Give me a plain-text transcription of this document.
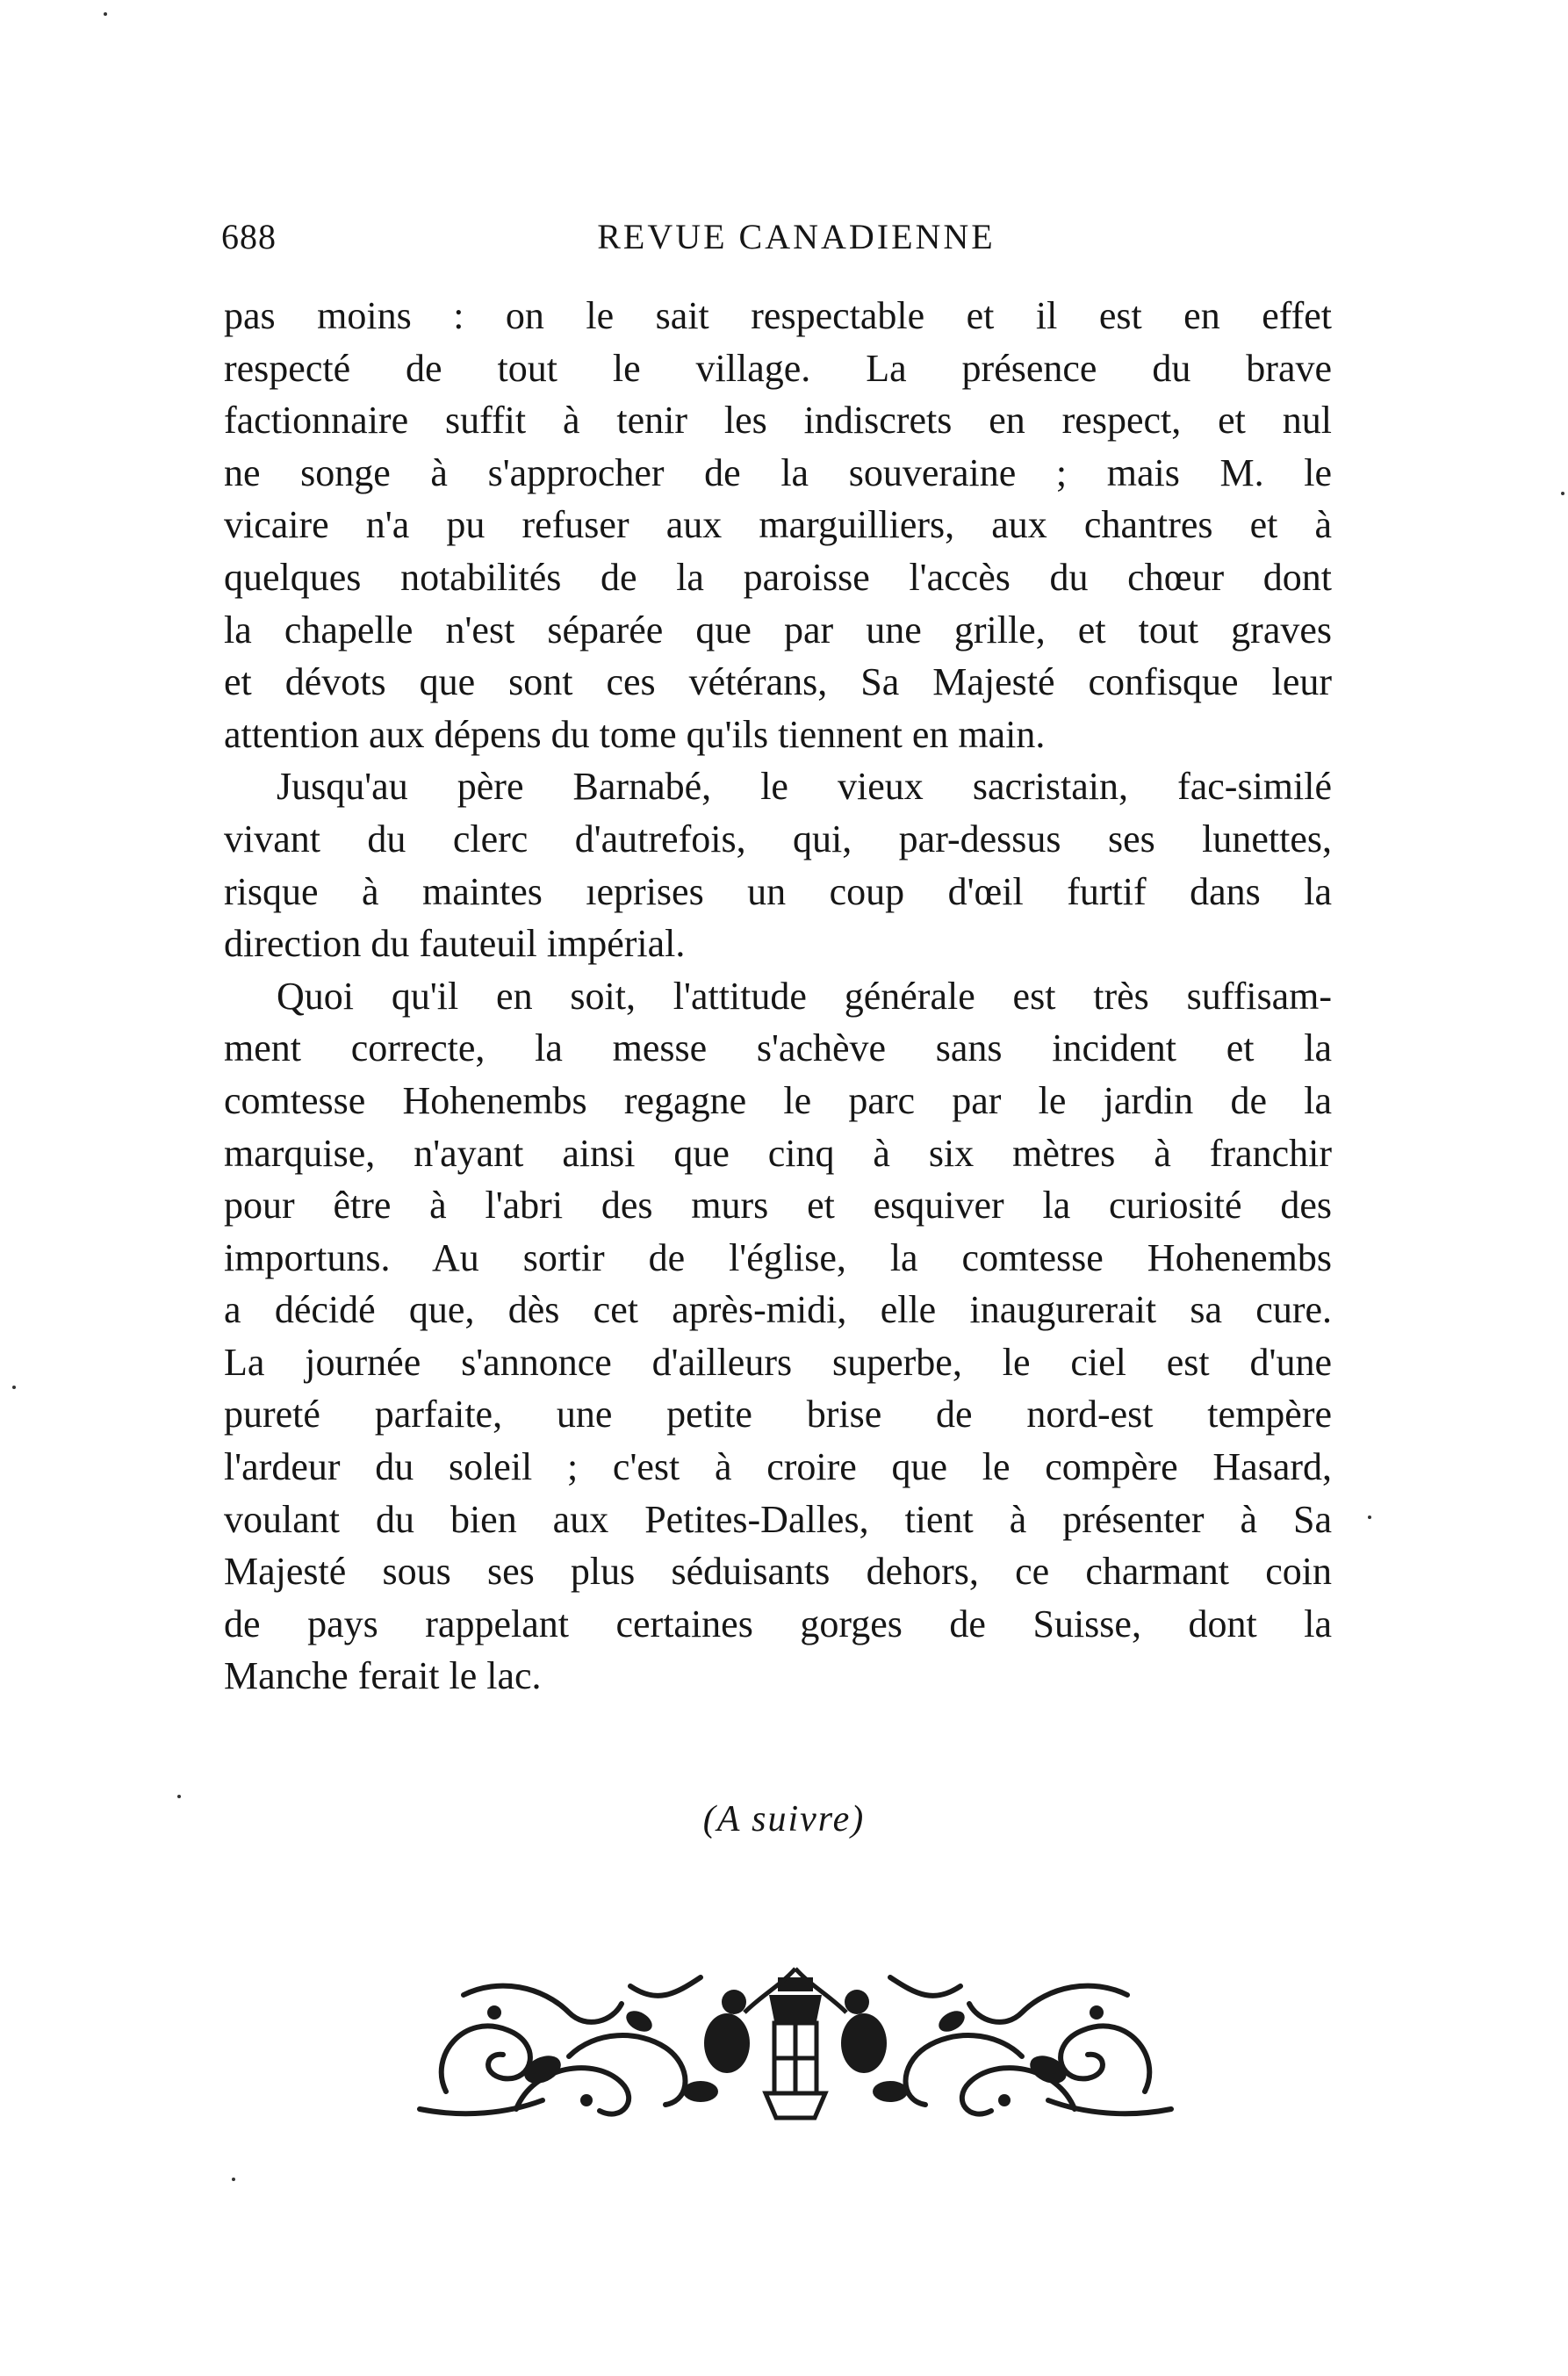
688	REVUE CANADIENNE

pas moins : on le sait respectable et il est en effet
respecté de tout le village. La présence du brave
factionnaire suffit à tenir les indiscrets en respect, et nul
ne songe à s'approcher de la souveraine ; mais M. le
vicaire n'a pu refuser aux marguilliers, aux chantres et à
quelques notabilités de la paroisse l'accès du chœur dont
la chapelle n'est séparée que par une grille, et tout graves
et dévots que sont ces vétérans, Sa Majesté confisque leur
attention aux dépens du tome qu'ils tiennent en main.

Jusqu'au père Barnabé, le vieux sacristain, fac-similé
vivant du clerc d'autrefois, qui, par-dessus ses lunettes,
risque à maintes ıeprises un coup d'œil furtif dans la
direction du fauteuil impérial.

Quoi qu'il en soit, l'attitude générale est très suffisam-
ment correcte, la messe s'achève sans incident et la
comtesse Hohenembs regagne le parc par le jardin de la
marquise, n'ayant ainsi que cinq à six mètres à franchir
pour être à l'abri des murs et esquiver la curiosité des
importuns. Au sortir de l'église, la comtesse Hohenembs
a décidé que, dès cet après-midi, elle inaugurerait sa cure.
La journée s'annonce d'ailleurs superbe, le ciel est d'une
pureté parfaite, une petite brise de nord-est tempère
l'ardeur du soleil ; c'est à croire que le compère Hasard,
voulant du bien aux Petites-Dalles, tient à présenter à Sa
Majesté sous ses plus séduisants dehors, ce charmant coin
de pays rappelant certaines gorges de Suisse, dont la
Manche ferait le lac.

(A suivre)
